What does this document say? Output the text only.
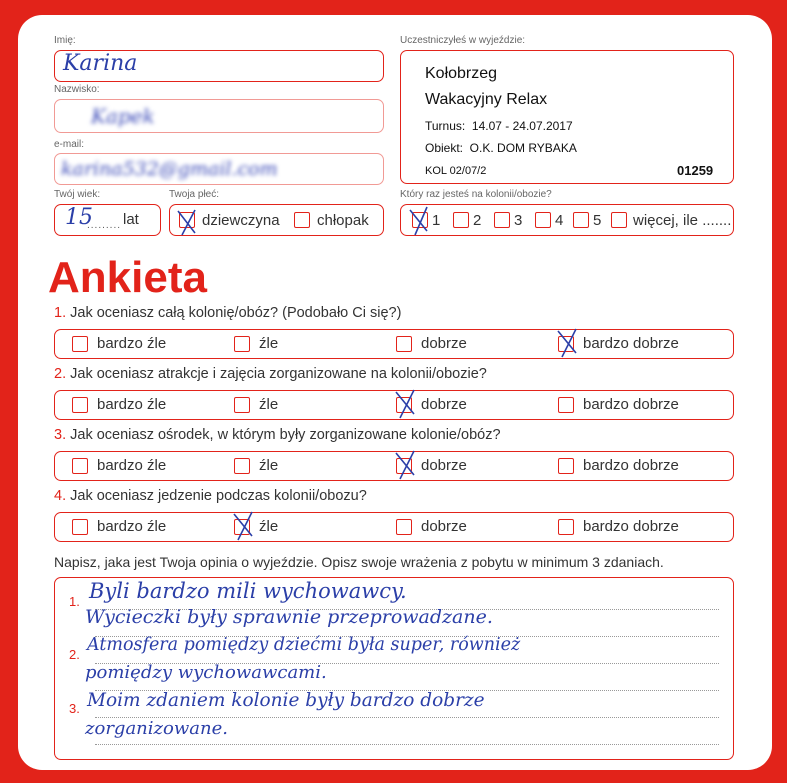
Imię:
Karina
Nazwisko:
Kapek
e-mail:
karina532@gmail.com
Twój wiek:
15
......... lat
Twoja płeć:
dziewczyna chłopak
Uczestniczyłeś w wyjeździe:
Kołobrzeg
Wakacyjny Relax
Turnus:  14.07 - 24.07.2017
Obiekt:  O.K. DOM RYBAKA
KOL 02/07/2	01259
Który raz jesteś na kolonii/obozie?
1 2 3 4 5 więcej, ile .......
Ankieta
1. Jak oceniasz całą kolonię/obóz? (Podobało Ci się?)
bardzo źle	źle	dobrze	bardzo dobrze
2. Jak oceniasz atrakcje i zajęcia zorganizowane na kolonii/obozie?
bardzo źle	źle	dobrze	bardzo dobrze
3. Jak oceniasz ośrodek, w którym były zorganizowane kolonie/obóz?
bardzo źle	źle	dobrze	bardzo dobrze
4. Jak oceniasz jedzenie podczas kolonii/obozu?
bardzo źle	źle	dobrze	bardzo dobrze
Napisz, jaka jest Twoja opinia o wyjeździe. Opisz swoje wrażenia z pobytu w minimum 3 zdaniach.
1.
2.
3.
Byli bardzo mili wychowawcy.
Wycieczki były sprawnie przeprowadzane.
Atmosfera pomiędzy dziećmi była super, również
pomiędzy wychowawcami.
Moim zdaniem kolonie były bardzo dobrze
zorganizowane.
